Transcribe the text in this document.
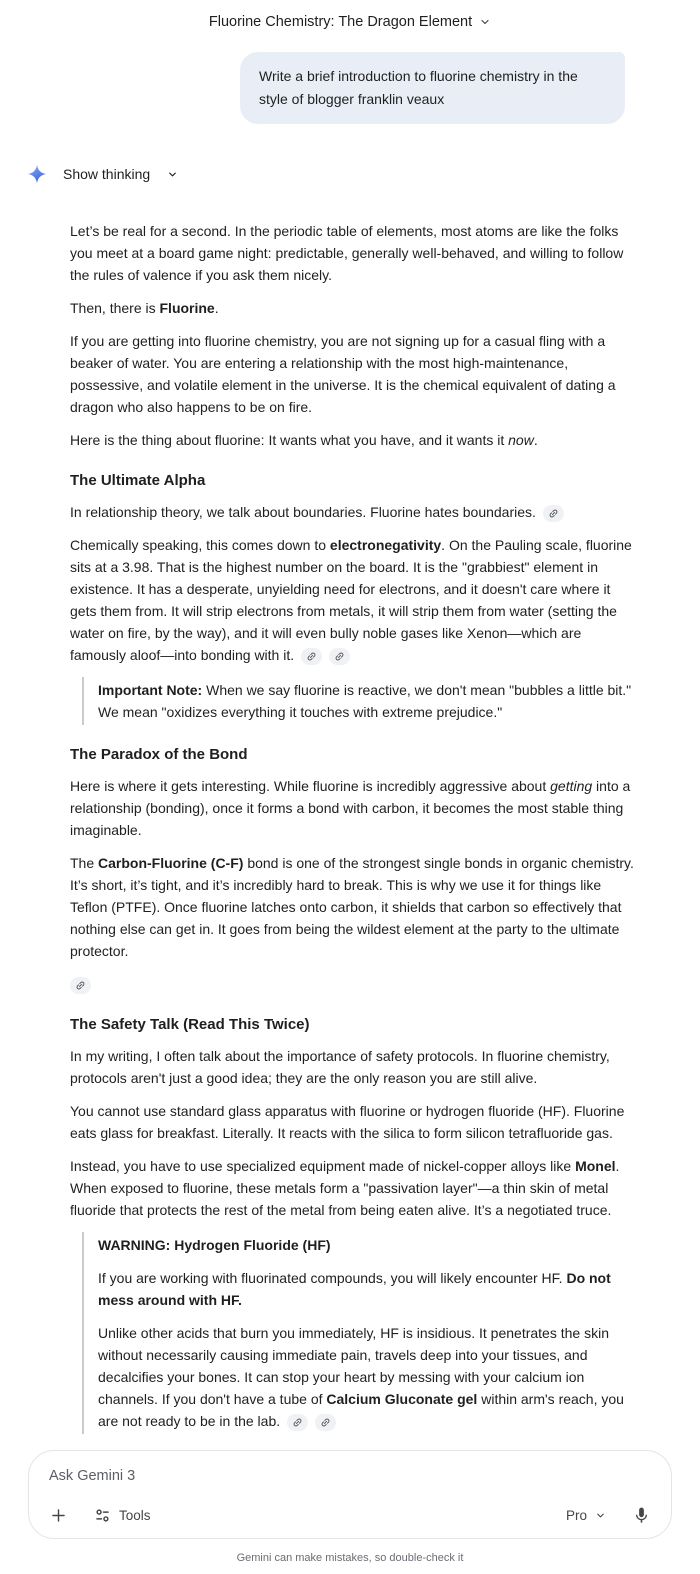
Fluorine Chemistry: The Dragon Element
Write a brief introduction to fluorine chemistry in the style of blogger franklin veaux
Show thinking

Let’s be real for a second. In the periodic table of elements, most atoms are like the folks you meet at a board game night: predictable, generally well-behaved, and willing to follow the rules of valence if you ask them nicely.

Then, there is Fluorine.

If you are getting into fluorine chemistry, you are not signing up for a casual fling with a beaker of water. You are entering a relationship with the most high-maintenance, possessive, and volatile element in the universe. It is the chemical equivalent of dating a dragon who also happens to be on fire.

Here is the thing about fluorine: It wants what you have, and it wants it now.

The Ultimate Alpha

In relationship theory, we talk about boundaries. Fluorine hates boundaries.

Chemically speaking, this comes down to electronegativity. On the Pauling scale, fluorine sits at a 3.98. That is the highest number on the board. It is the "grabbiest" element in existence. It has a desperate, unyielding need for electrons, and it doesn't care where it gets them from. It will strip electrons from metals, it will strip them from water (setting the water on fire, by the way), and it will even bully noble gases like Xenon—which are famously aloof—into bonding with it.

Important Note: When we say fluorine is reactive, we don't mean "bubbles a little bit." We mean "oxidizes everything it touches with extreme prejudice."

The Paradox of the Bond

Here is where it gets interesting. While fluorine is incredibly aggressive about getting into a relationship (bonding), once it forms a bond with carbon, it becomes the most stable thing imaginable.

The Carbon-Fluorine (C-F) bond is one of the strongest single bonds in organic chemistry. It’s short, it’s tight, and it’s incredibly hard to break. This is why we use it for things like Teflon (PTFE). Once fluorine latches onto carbon, it shields that carbon so effectively that nothing else can get in. It goes from being the wildest element at the party to the ultimate protector.

The Safety Talk (Read This Twice)

In my writing, I often talk about the importance of safety protocols. In fluorine chemistry, protocols aren't just a good idea; they are the only reason you are still alive.

You cannot use standard glass apparatus with fluorine or hydrogen fluoride (HF). Fluorine eats glass for breakfast. Literally. It reacts with the silica to form silicon tetrafluoride gas.

Instead, you have to use specialized equipment made of nickel-copper alloys like Monel. When exposed to fluorine, these metals form a "passivation layer"—a thin skin of metal fluoride that protects the rest of the metal from being eaten alive. It’s a negotiated truce.

WARNING: Hydrogen Fluoride (HF)

If you are working with fluorinated compounds, you will likely encounter HF. Do not mess around with HF.

Unlike other acids that burn you immediately, HF is insidious. It penetrates the skin without necessarily causing immediate pain, travels deep into your tissues, and decalcifies your bones. It can stop your heart by messing with your calcium ion channels. If you don't have a tube of Calcium Gluconate gel within arm's reach, you are not ready to be in the lab.

Ask Gemini 3
Tools	Pro
Gemini can make mistakes, so double-check it
